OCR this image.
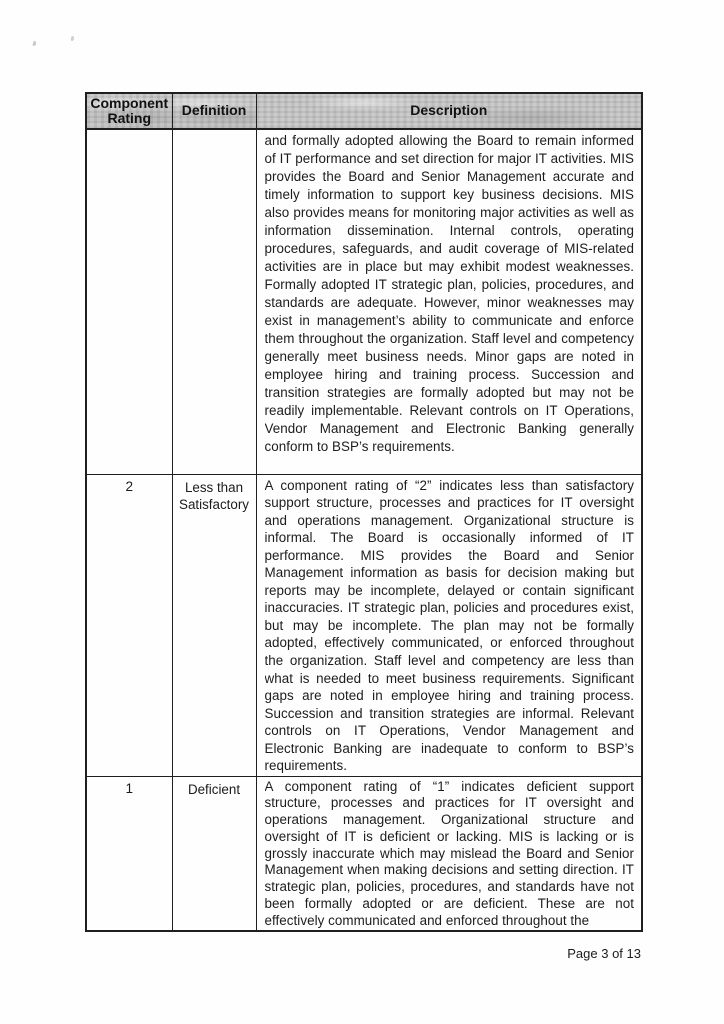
Component Rating	Definition	Description

		and formally adopted allowing the Board to remain informed of IT performance and set direction for major IT activities. MIS provides the Board and Senior Management accurate and timely information to support key business decisions. MIS also provides means for monitoring major activities as well as information dissemination. Internal controls, operating procedures, safeguards, and audit coverage of MIS-related activities are in place but may exhibit modest weaknesses. Formally adopted IT strategic plan, policies, procedures, and standards are adequate. However, minor weaknesses may exist in management’s ability to communicate and enforce them throughout the organization. Staff level and competency generally meet business needs. Minor gaps are noted in employee hiring and training process. Succession and transition strategies are formally adopted but may not be readily implementable. Relevant controls on IT Operations, Vendor Management and Electronic Banking generally conform to BSP’s requirements.

2	Less than Satisfactory	A component rating of “2” indicates less than satisfactory support structure, processes and practices for IT oversight and operations management. Organizational structure is informal. The Board is occasionally informed of IT performance. MIS provides the Board and Senior Management information as basis for decision making but reports may be incomplete, delayed or contain significant inaccuracies. IT strategic plan, policies and procedures exist, but may be incomplete. The plan may not be formally adopted, effectively communicated, or enforced throughout the organization. Staff level and competency are less than what is needed to meet business requirements. Significant gaps are noted in employee hiring and training process. Succession and transition strategies are informal. Relevant controls on IT Operations, Vendor Management and Electronic Banking are inadequate to conform to BSP’s requirements.

1	Deficient	A component rating of “1” indicates deficient support structure, processes and practices for IT oversight and operations management. Organizational structure and oversight of IT is deficient or lacking. MIS is lacking or is grossly inaccurate which may mislead the Board and Senior Management when making decisions and setting direction. IT strategic plan, policies, procedures, and standards have not been formally adopted or are deficient. These are not effectively communicated and enforced throughout the
Page 3 of 13
